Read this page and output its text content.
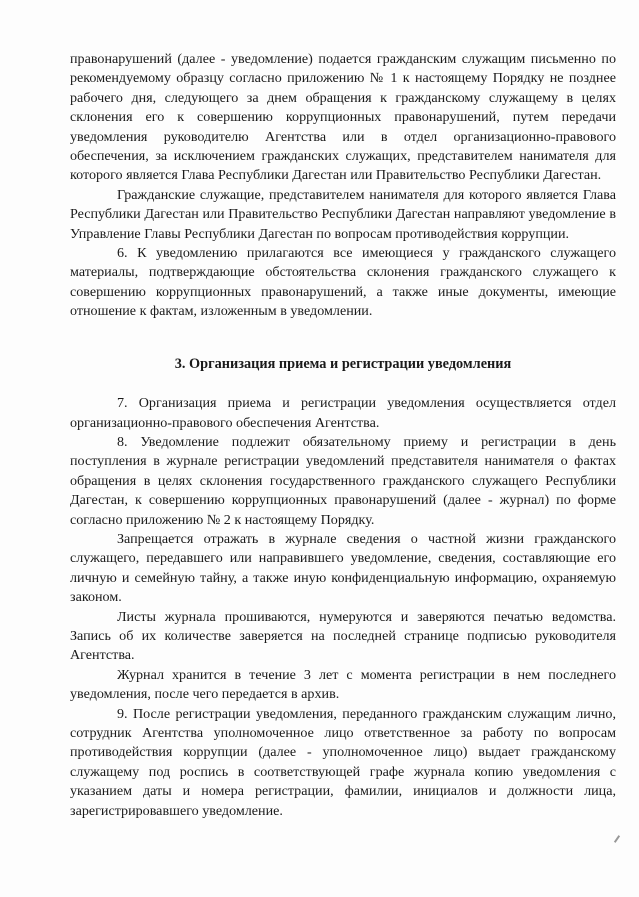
правонарушений (далее - уведомление) подается гражданским служащим письменно по рекомендуемому образцу согласно приложению № 1 к настоящему Порядку не позднее рабочего дня, следующего за днем обращения к гражданскому служащему в целях склонения его к совершению коррупционных правонарушений, путем передачи уведомления руководителю Агентства или в отдел организационно-правового обеспечения, за исключением гражданских служащих, представителем нанимателя для которого является Глава Республики Дагестан или Правительство Республики Дагестан.

Гражданские служащие, представителем нанимателя для которого является Глава Республики Дагестан или Правительство Республики Дагестан направляют уведомление в Управление Главы Республики Дагестан по вопросам противодействия коррупции.

6. К уведомлению прилагаются все имеющиеся у гражданского служащего материалы, подтверждающие обстоятельства склонения гражданского служащего к совершению коррупционных правонарушений, а также иные документы, имеющие отношение к фактам, изложенным в уведомлении.

3. Организация приема и регистрации уведомления

7. Организация приема и регистрации уведомления осуществляется отдел организационно-правового обеспечения Агентства.

8. Уведомление подлежит обязательному приему и регистрации в день поступления в журнале регистрации уведомлений представителя нанимателя о фактах обращения в целях склонения государственного гражданского служащего Республики Дагестан, к совершению коррупционных правонарушений (далее - журнал) по форме согласно приложению № 2 к настоящему Порядку.

Запрещается отражать в журнале сведения о частной жизни гражданского служащего, передавшего или направившего уведомление, сведения, составляющие его личную и семейную тайну, а также иную конфиденциальную информацию, охраняемую законом.

Листы журнала прошиваются, нумеруются и заверяются печатью ведомства. Запись об их количестве заверяется на последней странице подписью руководителя Агентства.

Журнал хранится в течение 3 лет с момента регистрации в нем последнего уведомления, после чего передается в архив.

9. После регистрации уведомления, переданного гражданским служащим лично, сотрудник Агентства уполномоченное лицо ответственное за работу по вопросам противодействия коррупции (далее - уполномоченное лицо) выдает гражданскому служащему под роспись в соответствующей графе журнала копию уведомления с указанием даты и номера регистрации, фамилии, инициалов и должности лица, зарегистрировавшего уведомление.
